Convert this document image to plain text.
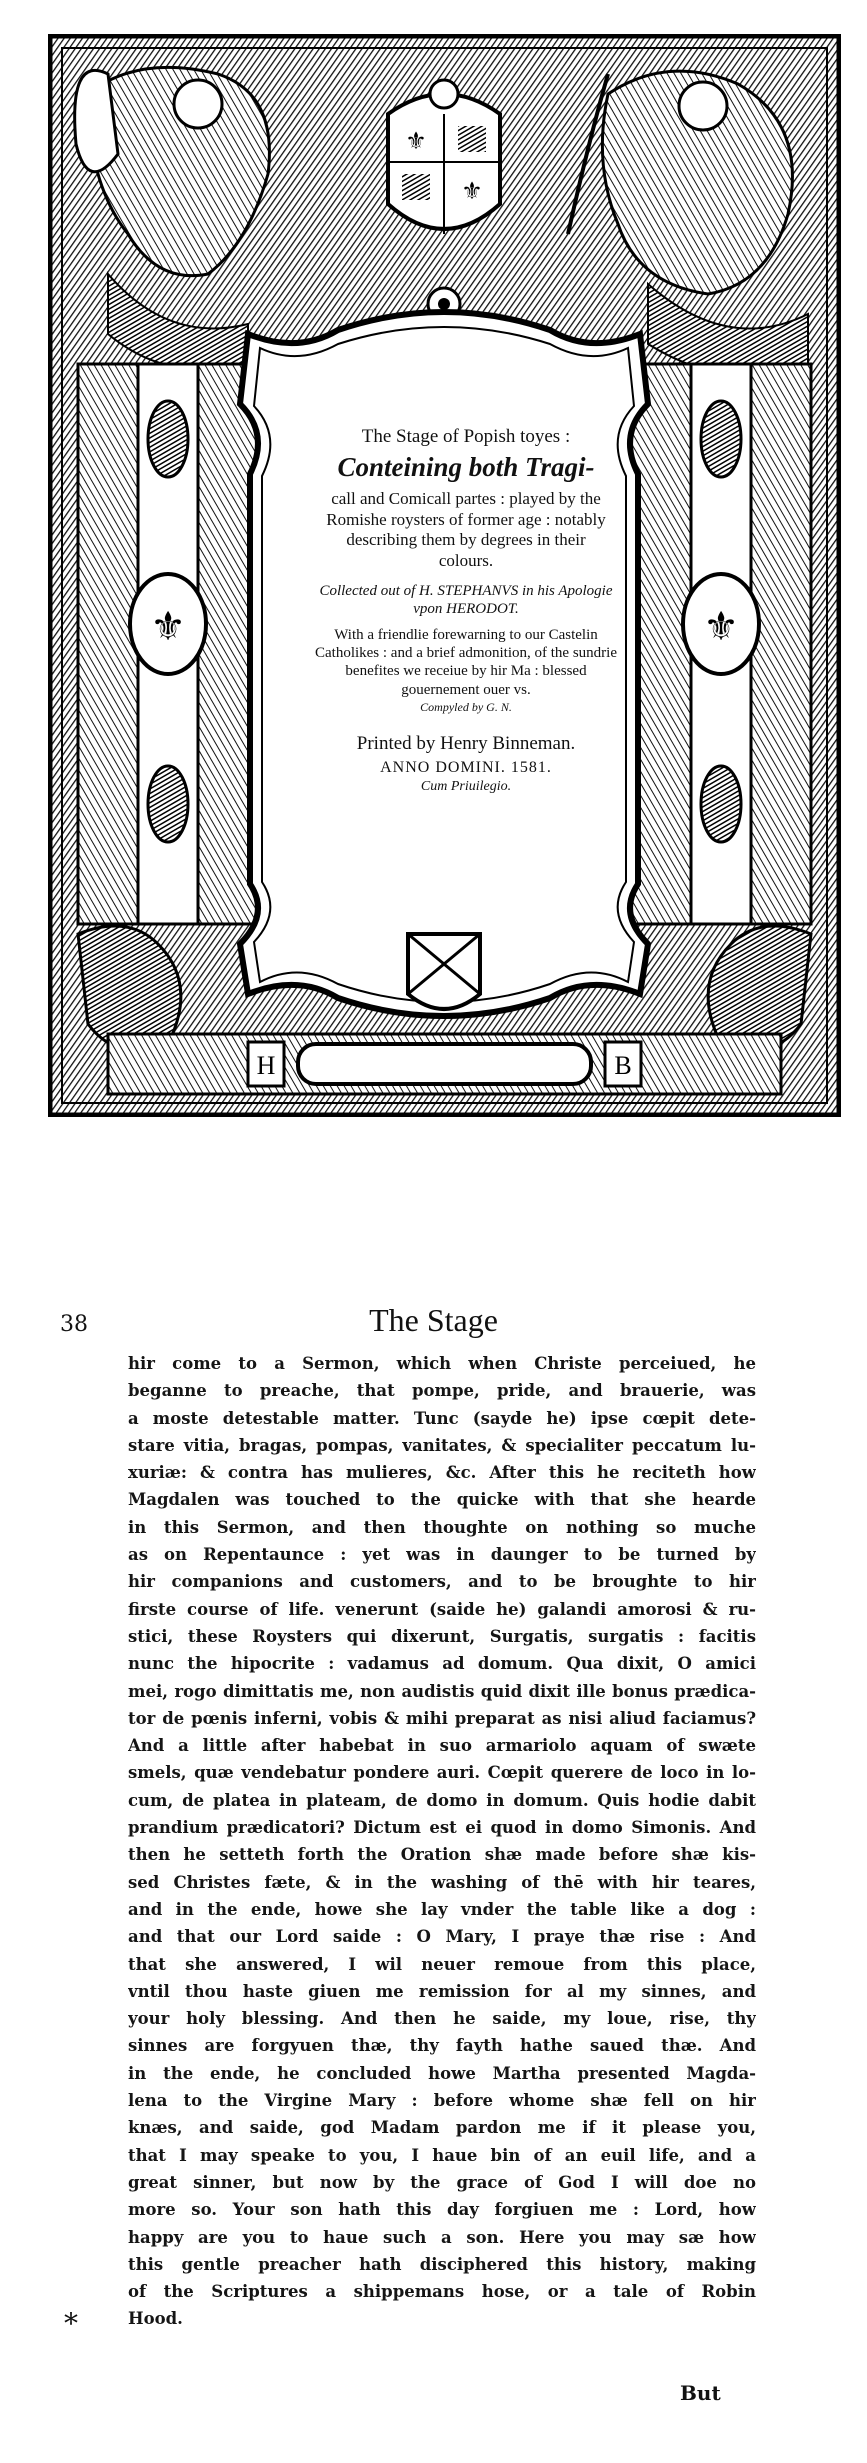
⚜
⚜
⚜	⚜
H	B

The Stage of Popish toyes :

Conteining both Tragi-

call and Comicall partes : played by the Romishe roysters of former age : notably describing them by degrees in their colours.

Collected out of H. STEPHANVS in his Apologie vpon HERODOT.

With a friendlie forewarning to our Castelin Catholikes : and a brief admonition, of the sundrie benefites we receiue by hir Ma : blessed gouernement ouer vs.

Compyled by G. N.

Printed by Henry Binneman.

ANNO DOMINI. 1581.

Cum Priuilegio.

38	The Stage
hir come to a Sermon, which when Christe perceiued, he
beganne to preache, that pompe, pride, and brauerie, was
a moste detestable matter. Tunc (sayde he) ipse cœpit dete-
stare vitia, bragas, pompas, vanitates, & specialiter peccatum lu-
xuriæ: & contra has mulieres, &c. After this he reciteth how
Magdalen was touched to the quicke with that she hearde
in this Sermon, and then thoughte on nothing so muche
as on Repentaunce : yet was in daunger to be turned by
hir companions and customers, and to be broughte to hir
firste course of life. venerunt (saide he) galandi amorosi & ru-
stici, these Roysters qui dixerunt, Surgatis, surgatis : facitis
nunc the hipocrite : vadamus ad domum. Qua dixit, O amici
mei, rogo dimittatis me, non audistis quid dixit ille bonus prædica-
tor de pœnis inferni, vobis & mihi preparat as nisi aliud faciamus?
And a little after habebat in suo armariolo aquam of swæte
smels, quæ vendebatur pondere auri. Cœpit querere de loco in lo-
cum, de platea in plateam, de domo in domum. Quis hodie dabit
prandium prædicatori? Dictum est ei quod in domo Simonis. And
then he setteth forth the Oration shæ made before shæ kis-
sed Christes fæte, & in the washing of thē with hir teares,
and in the ende, howe she lay vnder the table like a dog :
and that our Lord saide : O Mary, I praye thæ rise : And
that she answered, I wil neuer remoue from this place,
vntil thou haste giuen me remission for al my sinnes, and
your holy blessing. And then he saide, my loue, rise, thy
sinnes are forgyuen thæ, thy fayth hathe saued thæ. And
in the ende, he concluded howe Martha presented Magda-
lena to the Virgine Mary : before whome shæ fell on hir
knæs, and saide, god Madam pardon me if it please you,
that I may speake to you, I haue bin of an euil life, and a
great sinner, but now by the grace of God I will doe no
more so. Your son hath this day forgiuen me : Lord, how
happy are you to haue such a son. Here you may sæ how
this gentle preacher hath disciphered this history, making
of the Scriptures a shippemans hose, or a tale of Robin
Hood.
*
But
